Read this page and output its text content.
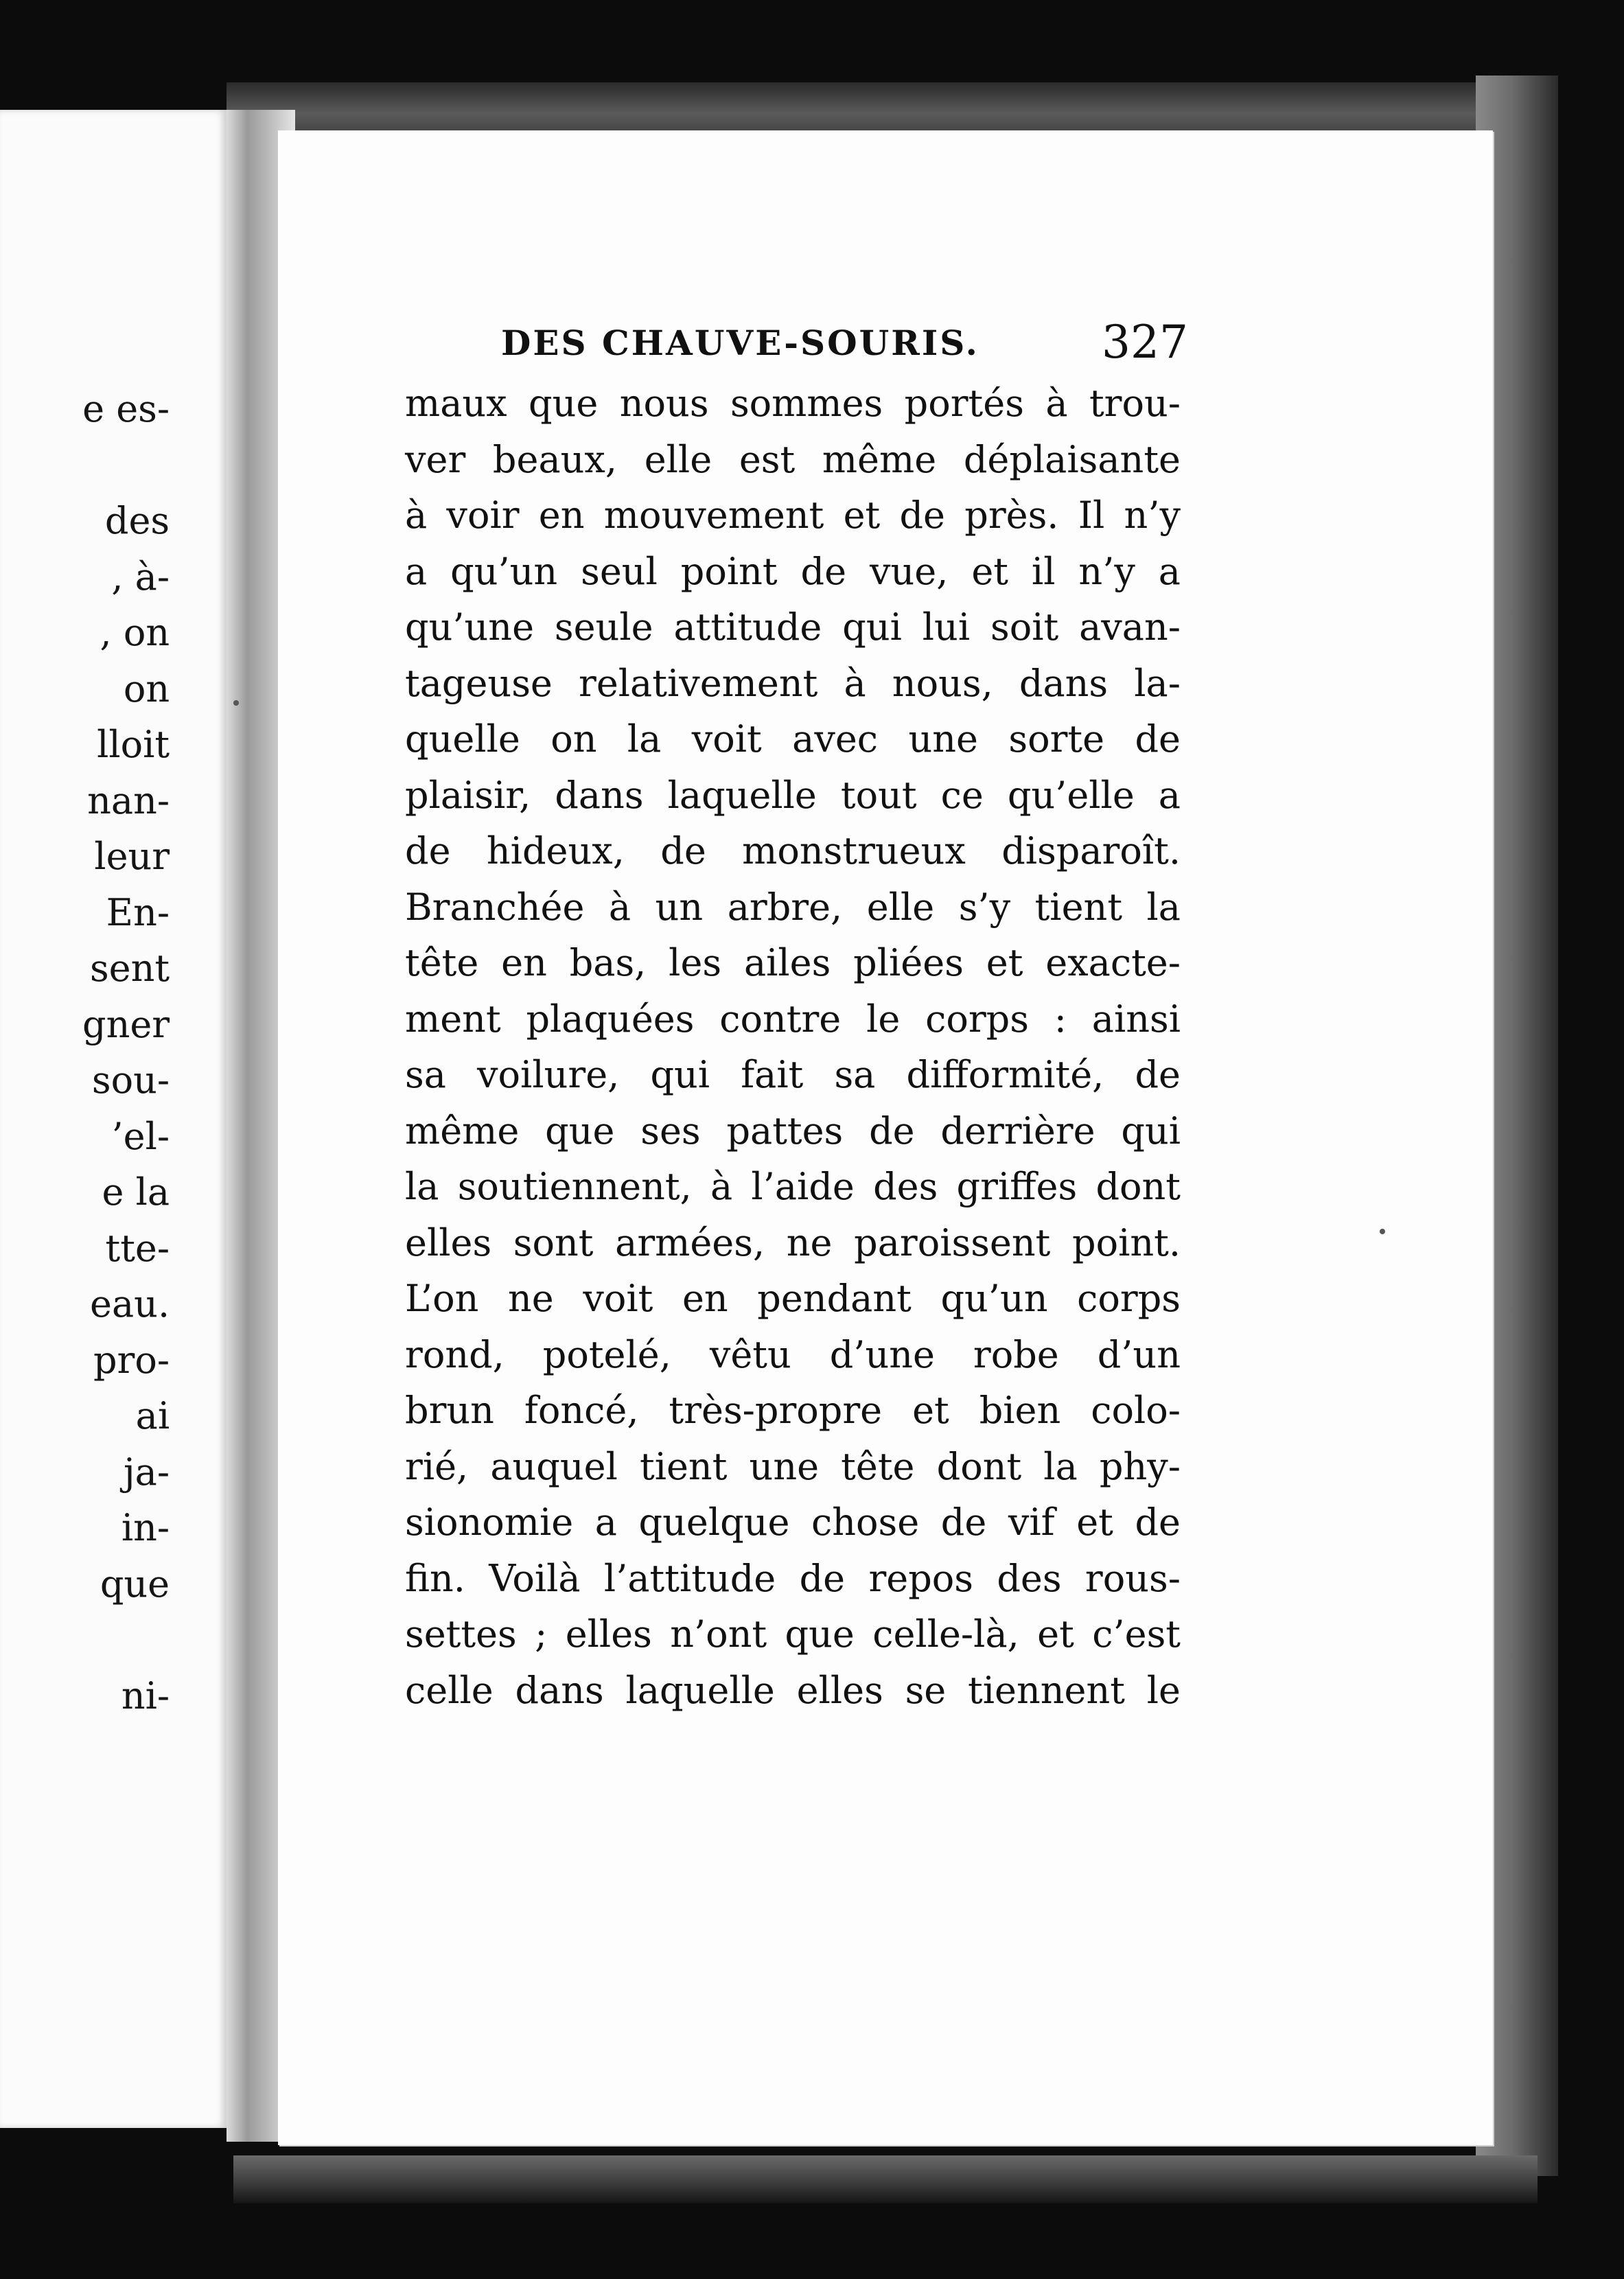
e es-
des
, à-
, on
on
lloit
nan-
leur
En-
sent
gner
sou-
’el-
e la
tte-
eau.
pro-
ai
ja-
in-
que
ni-
DES CHAUVE-SOURIS.	327
maux que nous sommes portés à trou-
ver beaux, elle est même déplaisante
à voir en mouvement et de près. Il n’y
a qu’un seul point de vue, et il n’y a
qu’une seule attitude qui lui soit avan-
tageuse relativement à nous, dans la-
quelle on la voit avec une sorte de
plaisir, dans laquelle tout ce qu’elle a
de hideux, de monstrueux disparoît.
Branchée à un arbre, elle s’y tient la
tête en bas, les ailes pliées et exacte-
ment plaquées contre le corps : ainsi
sa voilure, qui fait sa difformité, de
même que ses pattes de derrière qui
la soutiennent, à l’aide des griffes dont
elles sont armées, ne paroissent point.
L’on ne voit en pendant qu’un corps
rond, potelé, vêtu d’une robe d’un
brun foncé, très-propre et bien colo-
rié, auquel tient une tête dont la phy-
sionomie a quelque chose de vif et de
fin. Voilà l’attitude de repos des rous-
settes ; elles n’ont que celle-là, et c’est
celle dans laquelle elles se tiennent le
